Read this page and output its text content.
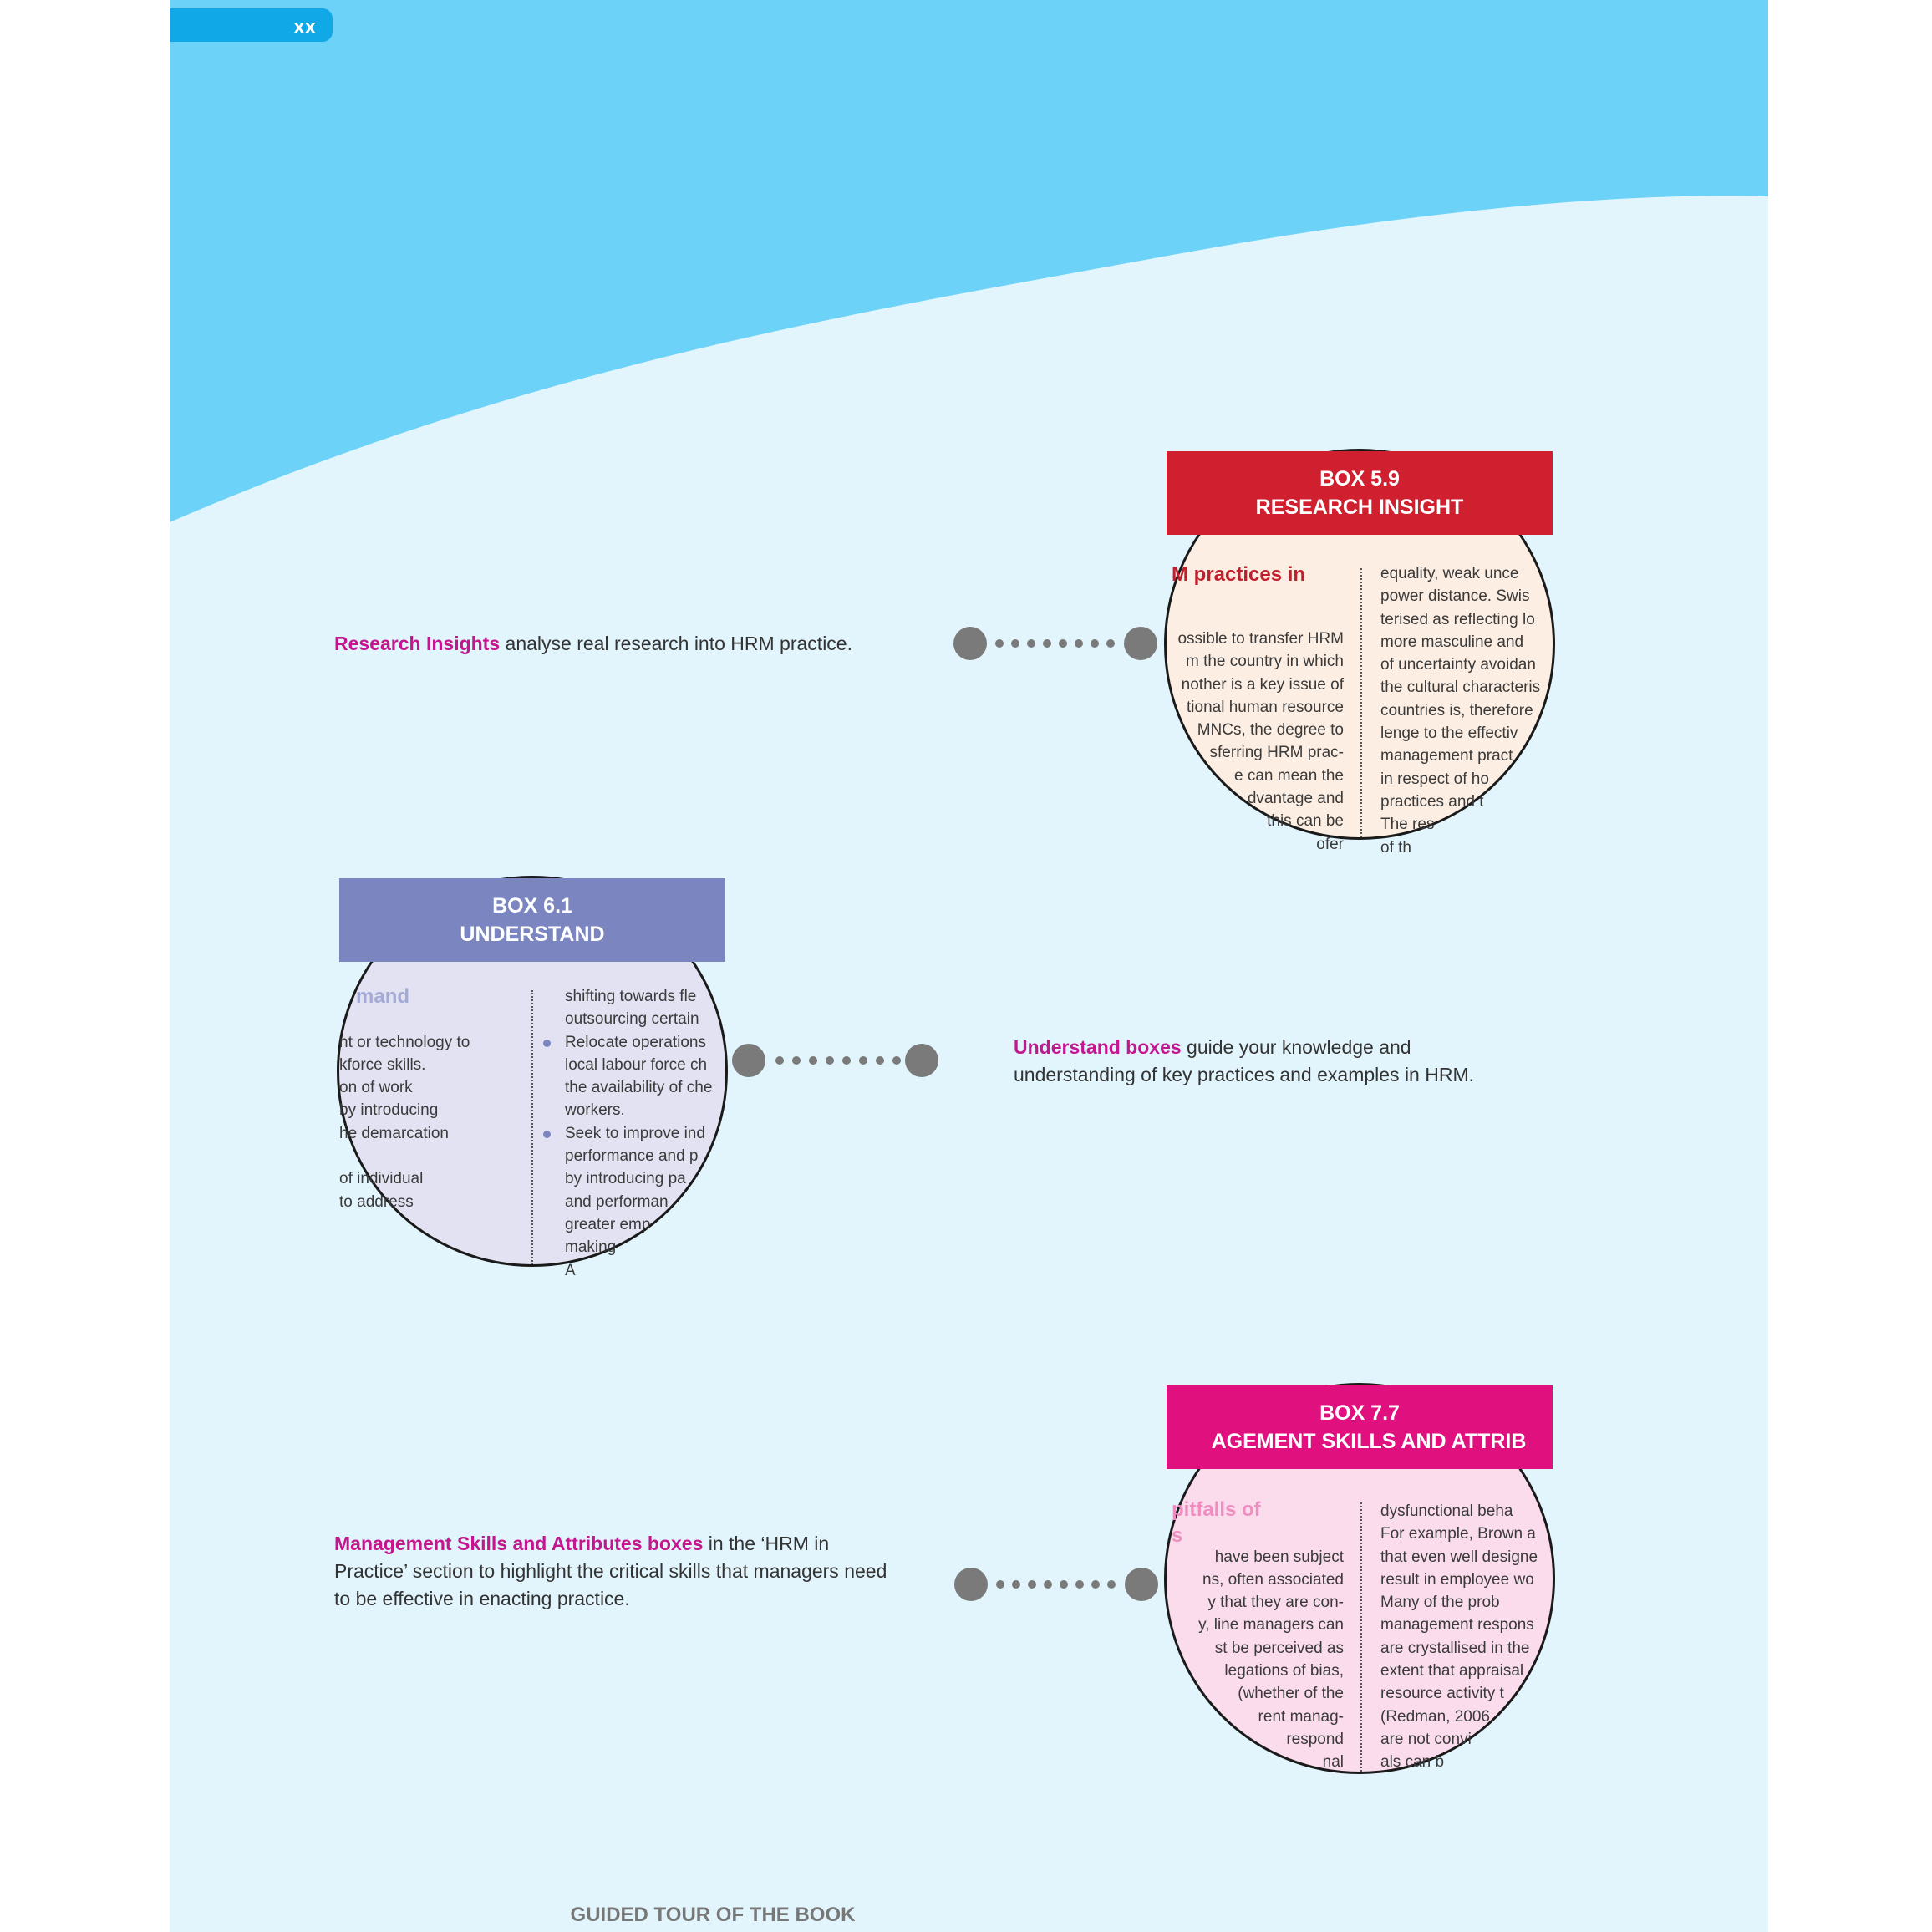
xx
Research Insights analyse real research into HRM practice.
BOX 5.9
RESEARCH INSIGHT
M practices in
ossible to transfer HRM
m the country in which
nother is a key issue of
tional human resource
MNCs, the degree to
sferring HRM prac-
e can mean the
dvantage and
this can be
ofer
equality, weak unce
power distance. Swis
terised as reflecting lo
more masculine and
of uncertainty avoidan
the cultural characteris
countries is, therefore
lenge to the effectiv
management pract
in respect of ho
practices and t
The res
of th
BOX 6.1
UNDERSTAND
mand
nt or technology to
kforce skills.
on of work
by introducing
he demarcation
of individual
to address
shifting towards fle
outsourcing certain
Relocate operations
local labour force ch
the availability of che
workers.
Seek to improve ind
performance and p
by introducing pa
and performan
greater emp
making
A
Understand boxes guide your knowledge and understanding of key practices and examples in HRM.
Management Skills and Attributes boxes in the ‘HRM in Practice’ section to highlight the critical skills that managers need to be effective in enacting practice.
BOX 7.7
AGEMENT SKILLS AND ATTRIB
pitfalls of
s
have been subject
ns, often associated
y that they are con-
y, line managers can
st be perceived as
legations of bias,
(whether of the
rent manag-
respond
nal
dysfunctional beha
For example, Brown a
that even well designe
result in employee wo
Many of the prob
management respons
are crystallised in the
extent that appraisal
resource activity t
(Redman, 2006
are not convi
als can b
GUIDED TOUR OF THE BOOK
